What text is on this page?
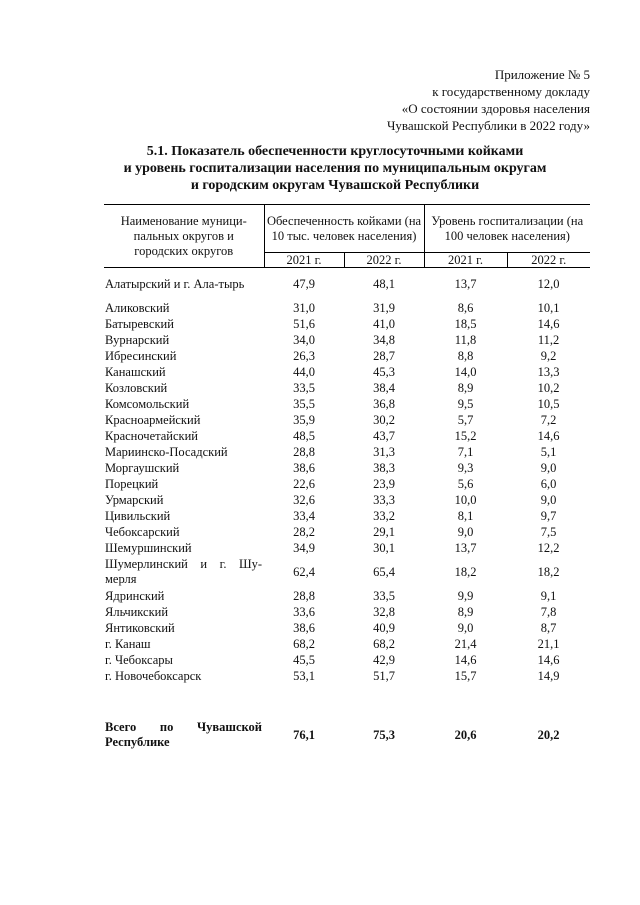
Приложение № 5
к государственному докладу
«О состоянии здоровья населения
Чувашской Республики в 2022 году»
5.1. Показатель обеспеченности круглосуточными койками
и уровень госпитализации населения по муниципальным округам
и городским округам Чувашской Республики
Наименование муници-пальных округов и городских округов	Обеспеченность койками (на 10 тыс. человек населения)		Уровень госпитализации (на 100 человек населения)	
	2021 г.	2022 г.	2021 г.	2022 г.
Алатырский и г. Ала-тырь	47,9	48,1	13,7	12,0
Аликовский	31,0	31,9	8,6	10,1
Батыревский	51,6	41,0	18,5	14,6
Вурнарский	34,0	34,8	11,8	11,2
Ибресинский	26,3	28,7	8,8	9,2
Канашский	44,0	45,3	14,0	13,3
Козловский	33,5	38,4	8,9	10,2
Комсомольский	35,5	36,8	9,5	10,5
Красноармейский	35,9	30,2	5,7	7,2
Красночетайский	48,5	43,7	15,2	14,6
Мариинско-Посадский	28,8	31,3	7,1	5,1
Моргаушский	38,6	38,3	9,3	9,0
Порецкий	22,6	23,9	5,6	6,0
Урмарский	32,6	33,3	10,0	9,0
Цивильский	33,4	33,2	8,1	9,7
Чебоксарский	28,2	29,1	9,0	7,5
Шемуршинский	34,9	30,1	13,7	12,2
Шумерлинский и г. Шу-мерля	62,4	65,4	18,2	18,2
Ядринский	28,8	33,5	9,9	9,1
Яльчикский	33,6	32,8	8,9	7,8
Янтиковский	38,6	40,9	9,0	8,7
г. Канаш	68,2	68,2	21,4	21,1
г. Чебоксары	45,5	42,9	14,6	14,6
г. Новочебоксарск	53,1	51,7	15,7	14,9

Всего по Чувашской Республике	76,1	75,3	20,6	20,2
